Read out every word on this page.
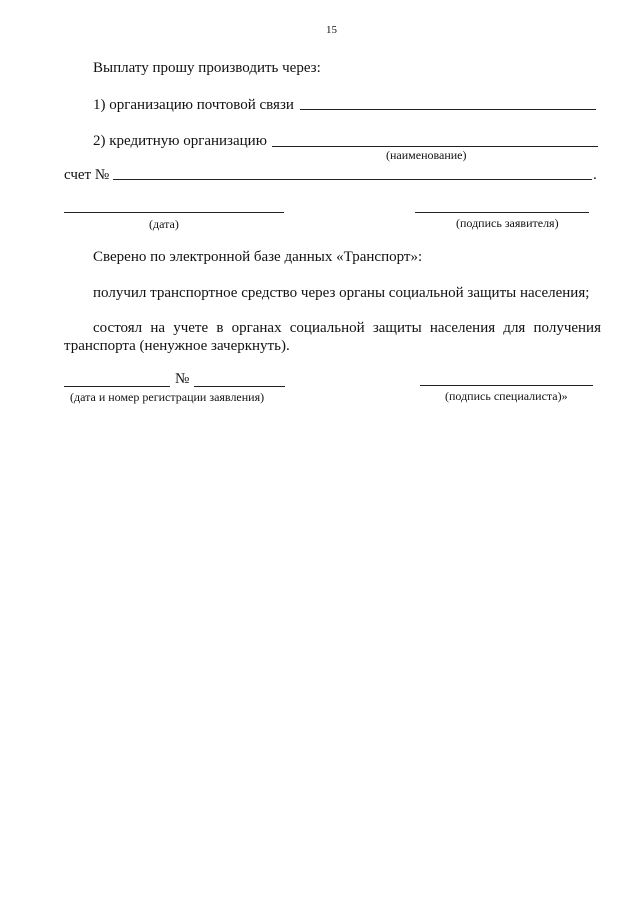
15
Выплату прошу производить через:
1) организацию почтовой связи
2) кредитную организацию
(наименование)
счет №	.
(дата)	(подпись заявителя)
Сверено по электронной базе данных «Транспорт»:
получил транспортное средство через органы социальной защиты населения;
состоял на учете в органах социальной защиты населения для получения
транспорта (ненужное зачеркнуть).
№
(дата и номер регистрации заявления)	(подпись специалиста)»
